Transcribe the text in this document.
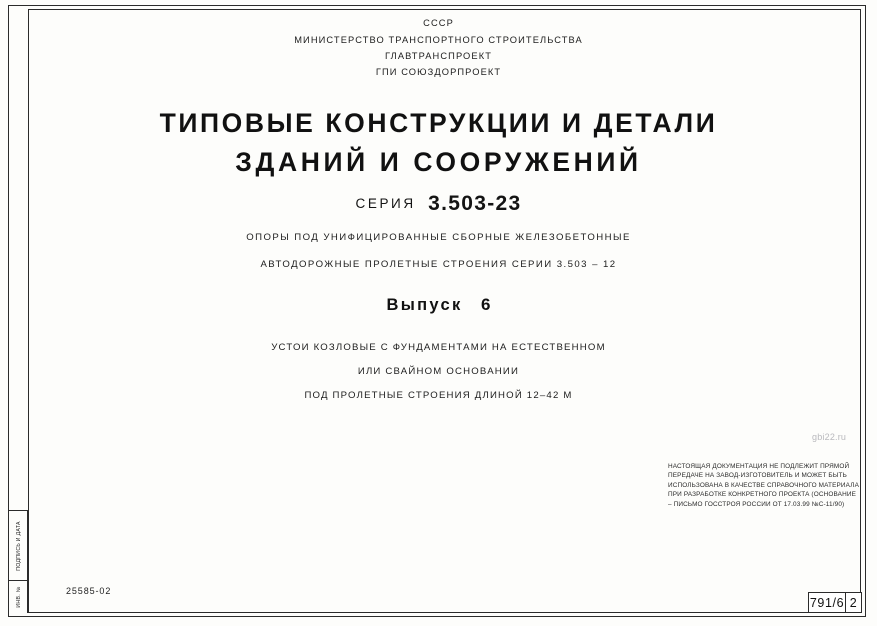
ПОДПИСЬ И ДАТА
ИНВ. №
СССР
МИНИСТЕРСТВО ТРАНСПОРТНОГО СТРОИТЕЛЬСТВА
ГЛАВТРАНСПРОЕКТ
ГПИ СОЮЗДОРПРОЕКТ
ТИПОВЫЕ КОНСТРУКЦИИ И ДЕТАЛИ
ЗДАНИЙ И СООРУЖЕНИЙ
СЕРИЯ 3.503-23
ОПОРЫ ПОД УНИФИЦИРОВАННЫЕ СБОРНЫЕ ЖЕЛЕЗОБЕТОННЫЕ
АВТОДОРОЖНЫЕ ПРОЛЕТНЫЕ СТРОЕНИЯ СЕРИИ 3.503 – 12
Выпуск 6
УСТОИ КОЗЛОВЫЕ С ФУНДАМЕНТАМИ НА ЕСТЕСТВЕННОМ
ИЛИ СВАЙНОМ ОСНОВАНИИ
ПОД ПРОЛЕТНЫЕ СТРОЕНИЯ ДЛИНОЙ 12–42 М
gbi22.ru
НАСТОЯЩАЯ ДОКУМЕНТАЦИЯ НЕ ПОДЛЕЖИТ ПРЯМОЙ ПЕРЕДАЧЕ НА ЗАВОД-ИЗГОТОВИТЕЛЬ И МОЖЕТ БЫТЬ ИСПОЛЬЗОВАНА В КАЧЕСТВЕ СПРАВОЧНОГО МАТЕРИАЛА ПРИ РАЗРАБОТКЕ КОНКРЕТНОГО ПРОЕКТА (ОСНОВАНИЕ – ПИСЬМО ГОССТРОЯ РОССИИ ОТ 17.03.99 №С-11/90)
25585-02
791/6 2
